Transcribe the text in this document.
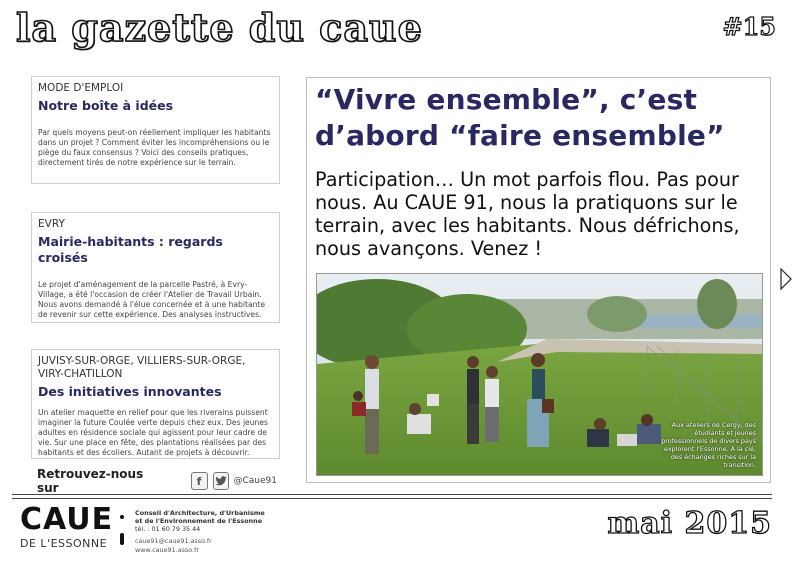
la gazette du caue	#15
MODE D'EMPLOI
Notre boîte à idées
Par quels moyens peut-on réellement impliquer les habitants dans un projet ? Comment éviter les incompréhensions ou le piège du faux consensus ? Voici des conseils pratiques, directement tirés de notre expérience sur le terrain.
EVRY
Mairie-habitants : regards croisés
Le projet d'aménagement de la parcelle Pastré, à Evry-Village, a été l'occasion de créer l'Atelier de Travail Urbain. Nous avons demandé à l'élue concernée et à une habitante de revenir sur cette expérience. Des analyses instructives.
JUVISY-SUR-ORGE, VILLIERS-SUR-ORGE, VIRY-CHATILLON
Des initiatives innovantes
Un atelier maquette en relief pour que les riverains puissent imaginer la future Coulée verte depuis chez eux. Des jeunes adultes en résidence sociale qui agissent pour leur cadre de vie. Sur une place en fête, des plantations réalisées par des habitants et des écoliers. Autant de projets à découvrir.
Retrouvez-nous sur	f	@Caue91
“Vivre ensemble”, c’est d’abord “faire ensemble”
Participation… Un mot parfois flou. Pas pour nous. Au CAUE 91, nous la pratiquons sur le terrain, avec les habitants. Nous défrichons, nous avançons. Venez !
Aux ateliers de Cergy, des étudiants et jeunes professionnels de divers pays explorent l'Essonne. À la clé, des échanges riches sur la transition.
CAUE
DE L'ESSONNE
Conseil d'Architecture, d'Urbanisme
et de l'Environnement de l'Essonne
tél. : 01 60 79 35 44
caue91@caue91.asso.fr
www.caue91.asso.fr
mai 2015
